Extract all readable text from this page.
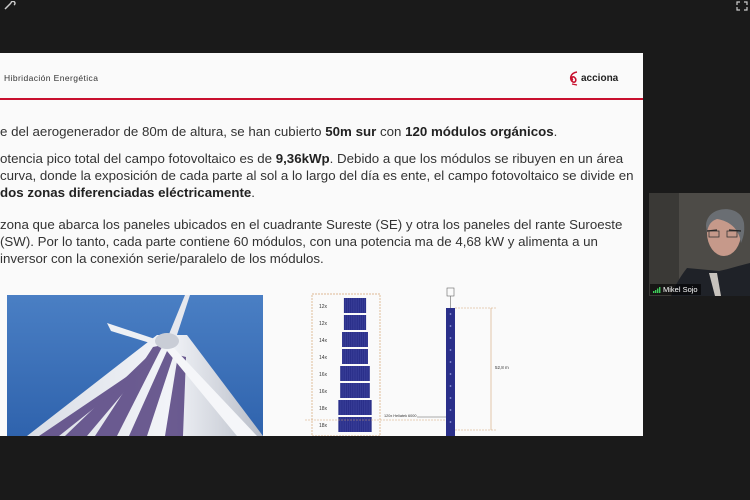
Hibridación Energética	acciona
e del aerogenerador de 80m de altura, se han cubierto 50m sur con 120 módulos orgánicos.
otencia pico total del campo fotovoltaico es de 9,36kWp. Debido a que los módulos se ribuyen en un área curva, donde la exposición de cada parte al sol a lo largo del día es ente, el campo fotovoltaico se divide en dos zonas diferenciadas eléctricamente.
zona que abarca los paneles ubicados en el cuadrante Sureste (SE) y otra los paneles del rante Suroeste (SW). Por lo tanto, cada parte contiene 60 módulos, con una potencia ma de 4,68 kW y alimenta a un inversor con la conexión serie/paralelo de los módulos.
12x
12x
14x
14x
16x
16x
18x
18x
52,8 m
120x Heliatek 6000
Mikel Sojo
